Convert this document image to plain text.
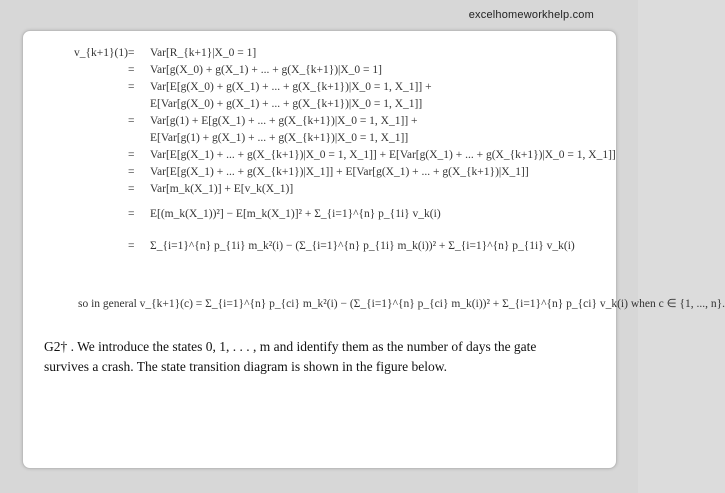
excelhomeworkhelp.com
v_{k+1}(1) = Var[R_{k+1}|X_0 = 1]
= Var[g(X_0) + g(X_1) + ... + g(X_{k+1})|X_0 = 1]
= Var[E[g(X_0) + g(X_1) + ... + g(X_{k+1})|X_0 = 1, X_1]] +
E[Var[g(X_0) + g(X_1) + ... + g(X_{k+1})|X_0 = 1, X_1]]
= Var[g(1) + E[g(X_1) + ... + g(X_{k+1})|X_0 = 1, X_1]] +
E[Var[g(1) + g(X_1) + ... + g(X_{k+1})|X_0 = 1, X_1]]
= Var[E[g(X_1) + ... + g(X_{k+1})|X_0 = 1, X_1]] + E[Var[g(X_1) + ... + g(X_{k+1})|X_0 = 1, X_1]]
= Var[E[g(X_1) + ... + g(X_{k+1})|X_1]] + E[Var[g(X_1) + ... + g(X_{k+1})|X_1]]
= Var[m_k(X_1)] + E[v_k(X_1)]
= E[(m_k(X_1))²] − E[m_k(X_1)]² + Σ_{i=1}^{n} p_{1i} v_k(i)
= Σ_{i=1}^{n} p_{1i} m_k²(i) − (Σ_{i=1}^{n} p_{1i} m_k(i))² + Σ_{i=1}^{n} p_{1i} v_k(i)
so in general v_{k+1}(c) = Σ_{i=1}^{n} p_{ci} m_k²(i) − (Σ_{i=1}^{n} p_{ci} m_k(i))² + Σ_{i=1}^{n} p_{ci} v_k(i) when c ∈ {1, ..., n}.
G2† . We introduce the states 0, 1, . . . , m and identify them as the number of days the gate
survives a crash. The state transition diagram is shown in the figure below.
